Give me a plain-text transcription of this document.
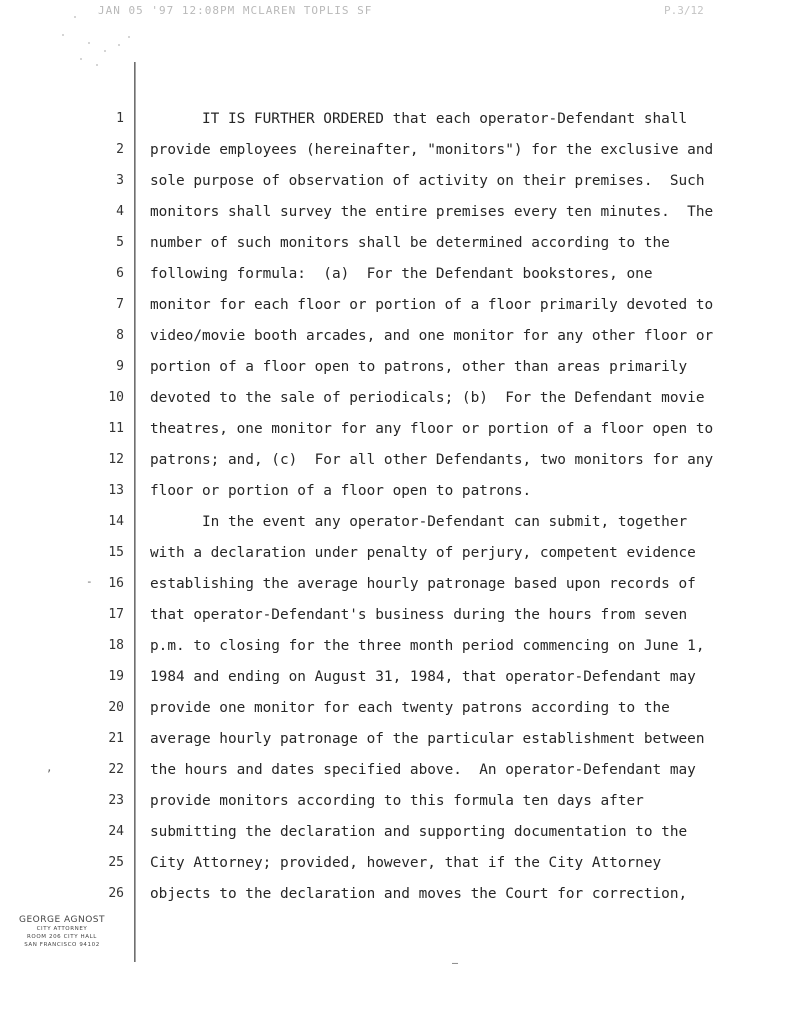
JAN 05 '97 12:08PM MCLAREN TOPLIS SF	P.3/12
1 IT IS FURTHER ORDERED that each operator-Defendant shall
2 provide employees (hereinafter, "monitors") for the exclusive and
3 sole purpose of observation of activity on their premises.  Such
4 monitors shall survey the entire premises every ten minutes.  The
5 number of such monitors shall be determined according to the
6 following formula:  (a)  For the Defendant bookstores, one
7 monitor for each floor or portion of a floor primarily devoted to
8 video/movie booth arcades, and one monitor for any other floor or
9 portion of a floor open to patrons, other than areas primarily
10 devoted to the sale of periodicals; (b)  For the Defendant movie
11 theatres, one monitor for any floor or portion of a floor open to
12 patrons; and, (c)  For all other Defendants, two monitors for any
13 floor or portion of a floor open to patrons.
14 In the event any operator-Defendant can submit, together
15 with a declaration under penalty of perjury, competent evidence
-	16 establishing the average hourly patronage based upon records of
17 that operator-Defendant's business during the hours from seven
18 p.m. to closing for the three month period commencing on June 1,
19 1984 and ending on August 31, 1984, that operator-Defendant may
20 provide one monitor for each twenty patrons according to the
21 average hourly patronage of the particular establishment between
,	22 the hours and dates specified above.  An operator-Defendant may
23 provide monitors according to this formula ten days after
24 submitting the declaration and supporting documentation to the
25 City Attorney; provided, however, that if the City Attorney
26 objects to the declaration and moves the Court for correction,
GEORGE AGNOST
CITY ATTORNEY
ROOM 206 CITY HALL
SAN FRANCISCO 94102
–
